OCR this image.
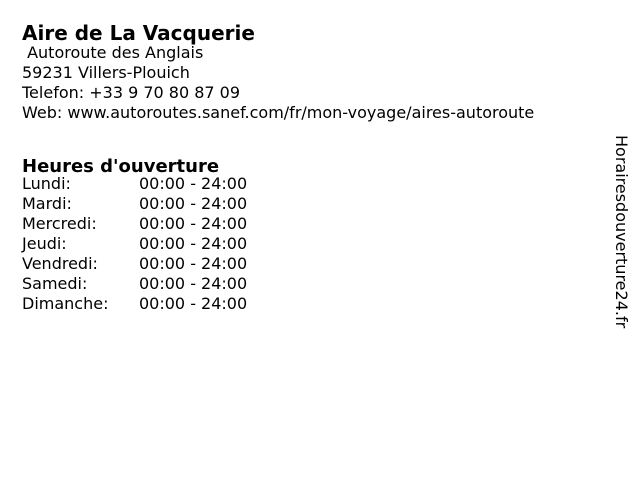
Aire de La Vacquerie
Autoroute des Anglais
59231 Villers-Plouich
Telefon: +33 9 70 80 87 09
Web: www.autoroutes.sanef.com/fr/mon-voyage/aires-autoroute
Heures d'ouverture
Lundi:	00:00 - 24:00
Mardi:	00:00 - 24:00
Mercredi:	00:00 - 24:00
Jeudi:	00:00 - 24:00
Vendredi:	00:00 - 24:00
Samedi:	00:00 - 24:00
Dimanche:	00:00 - 24:00	Horairesdouverture24.fr
